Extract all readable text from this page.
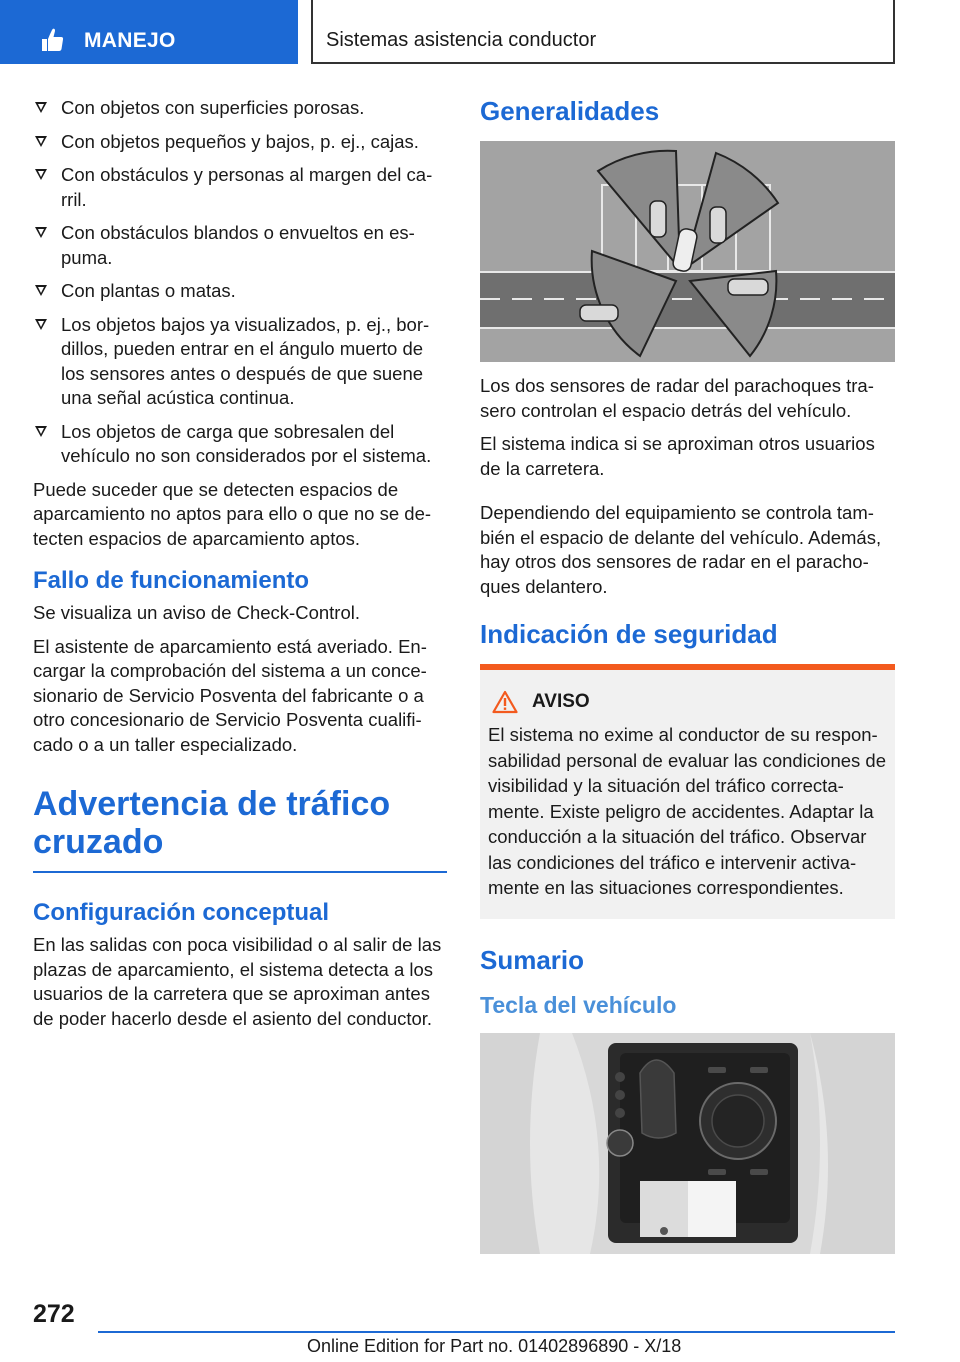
MANEJO	Sistemas asistencia conductor
Con objetos con superficies porosas.
Con objetos pequeños y bajos, p. ej., cajas.
Con obstáculos y personas al margen del ca-rril.
Con obstáculos blandos o envueltos en es-puma.
Con plantas o matas.
Los objetos bajos ya visualizados, p. ej., bor-dillos, pueden entrar en el ángulo muerto de los sensores antes o después de que suene una señal acústica continua.
Los objetos de carga que sobresalen del vehículo no son considerados por el sistema.

Puede suceder que se detecten espacios de aparcamiento no aptos para ello o que no se de-tecten espacios de aparcamiento aptos.

Fallo de funcionamiento

Se visualiza un aviso de Check-Control.

El asistente de aparcamiento está averiado. En-cargar la comprobación del sistema a un conce-sionario de Servicio Posventa del fabricante o a otro concesionario de Servicio Posventa cualifi-cado o a un taller especializado.

Advertencia de tráfico cruzado
Configuración conceptual

En las salidas con poca visibilidad o al salir de las plazas de aparcamiento, el sistema detecta a los usuarios de la carretera que se aproximan antes de poder hacerlo desde el asiento del conductor.

Generalidades

Los dos sensores de radar del parachoques tra-sero controlan el espacio detrás del vehículo.

El sistema indica si se aproximan otros usuarios de la carretera.

Dependiendo del equipamiento se controla tam-bién el espacio de delante del vehículo. Además, hay otros dos sensores de radar en el paracho-ques delantero.

Indicación de seguridad
AVISO

El sistema no exime al conductor de su respon-sabilidad personal de evaluar las condiciones de visibilidad y la situación del tráfico correcta-mente. Existe peligro de accidentes. Adaptar la conducción a la situación del tráfico. Observar las condiciones del tráfico e intervenir activa-mente en las situaciones correspondientes.

Sumario
Tecla del vehículo
272
Online Edition for Part no. 01402896890 - X/18
